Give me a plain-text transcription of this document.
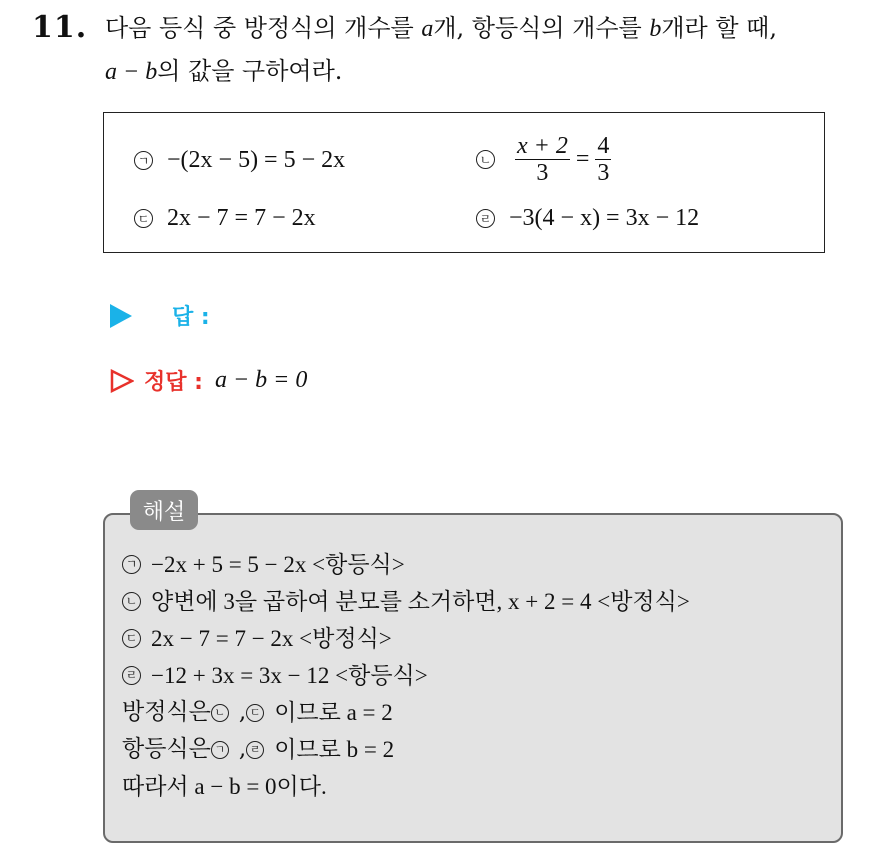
11. 다음 등식 중 방정식의 개수를 a개, 항등식의 개수를 b개라 할 때,
a − b의 값을 구하여라.
ㄱ −(2x − 5) = 5 − 2x	ㄴ $\frac{x + 2}{3} = \frac{4}{3}$
ㄷ 2x − 7 = 7 − 2x	ㄹ −3(4 − x) = 3x − 12
답 :
정답 : a − b = 0
해설
ㄱ −2x + 5 = 5 − 2x <항등식>
ㄴ 양변에 3을 곱하여 분모를 소거하면, x + 2 = 4 <방정식>
ㄷ 2x − 7 = 7 − 2x <방정식>
ㄹ −12 + 3x = 3x − 12 <항등식>
방정식은 ㄴ , ㄷ 이므로 a = 2
항등식은 ㄱ , ㄹ 이므로 b = 2
따라서 a − b = 0이다.
